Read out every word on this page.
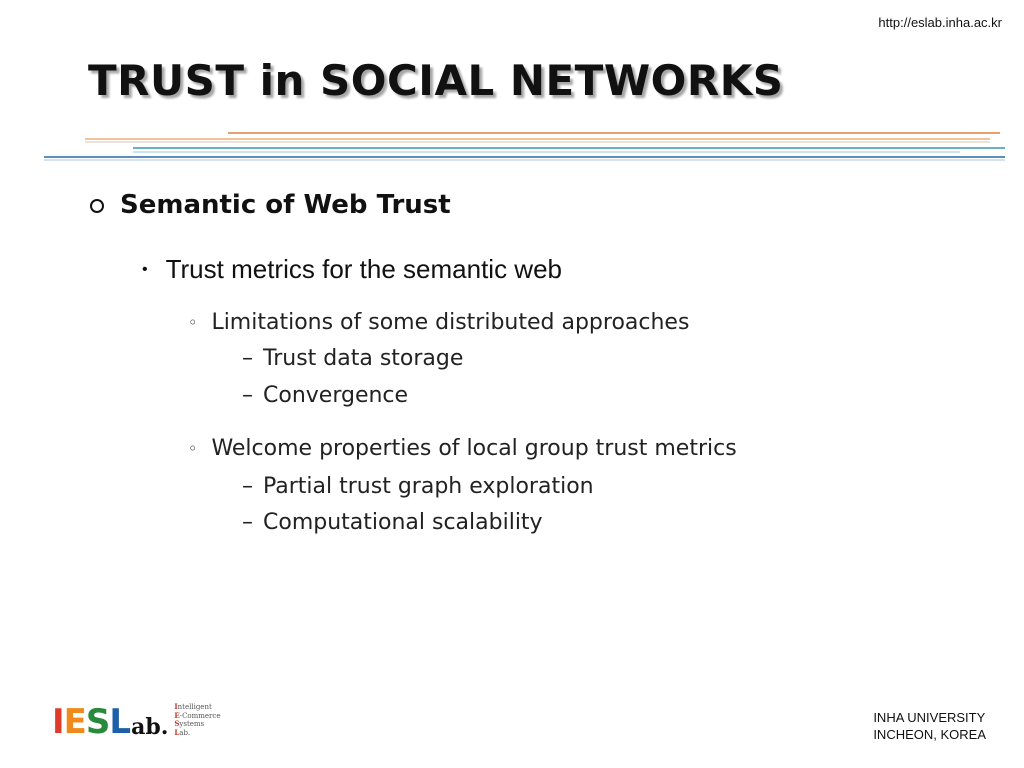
http://eslab.inha.ac.kr
TRUST in SOCIAL NETWORKS
Semantic of Web Trust
• Trust metrics for the semantic web
◦ Limitations of some distributed approaches
– Trust data storage
– Convergence
◦ Welcome properties of local group trust metrics
– Partial trust graph exploration
– Computational scalability
IESL ab.
Intelligent
E-Commerce
Systems
Lab.
INHA UNIVERSITY
INCHEON, KOREA
